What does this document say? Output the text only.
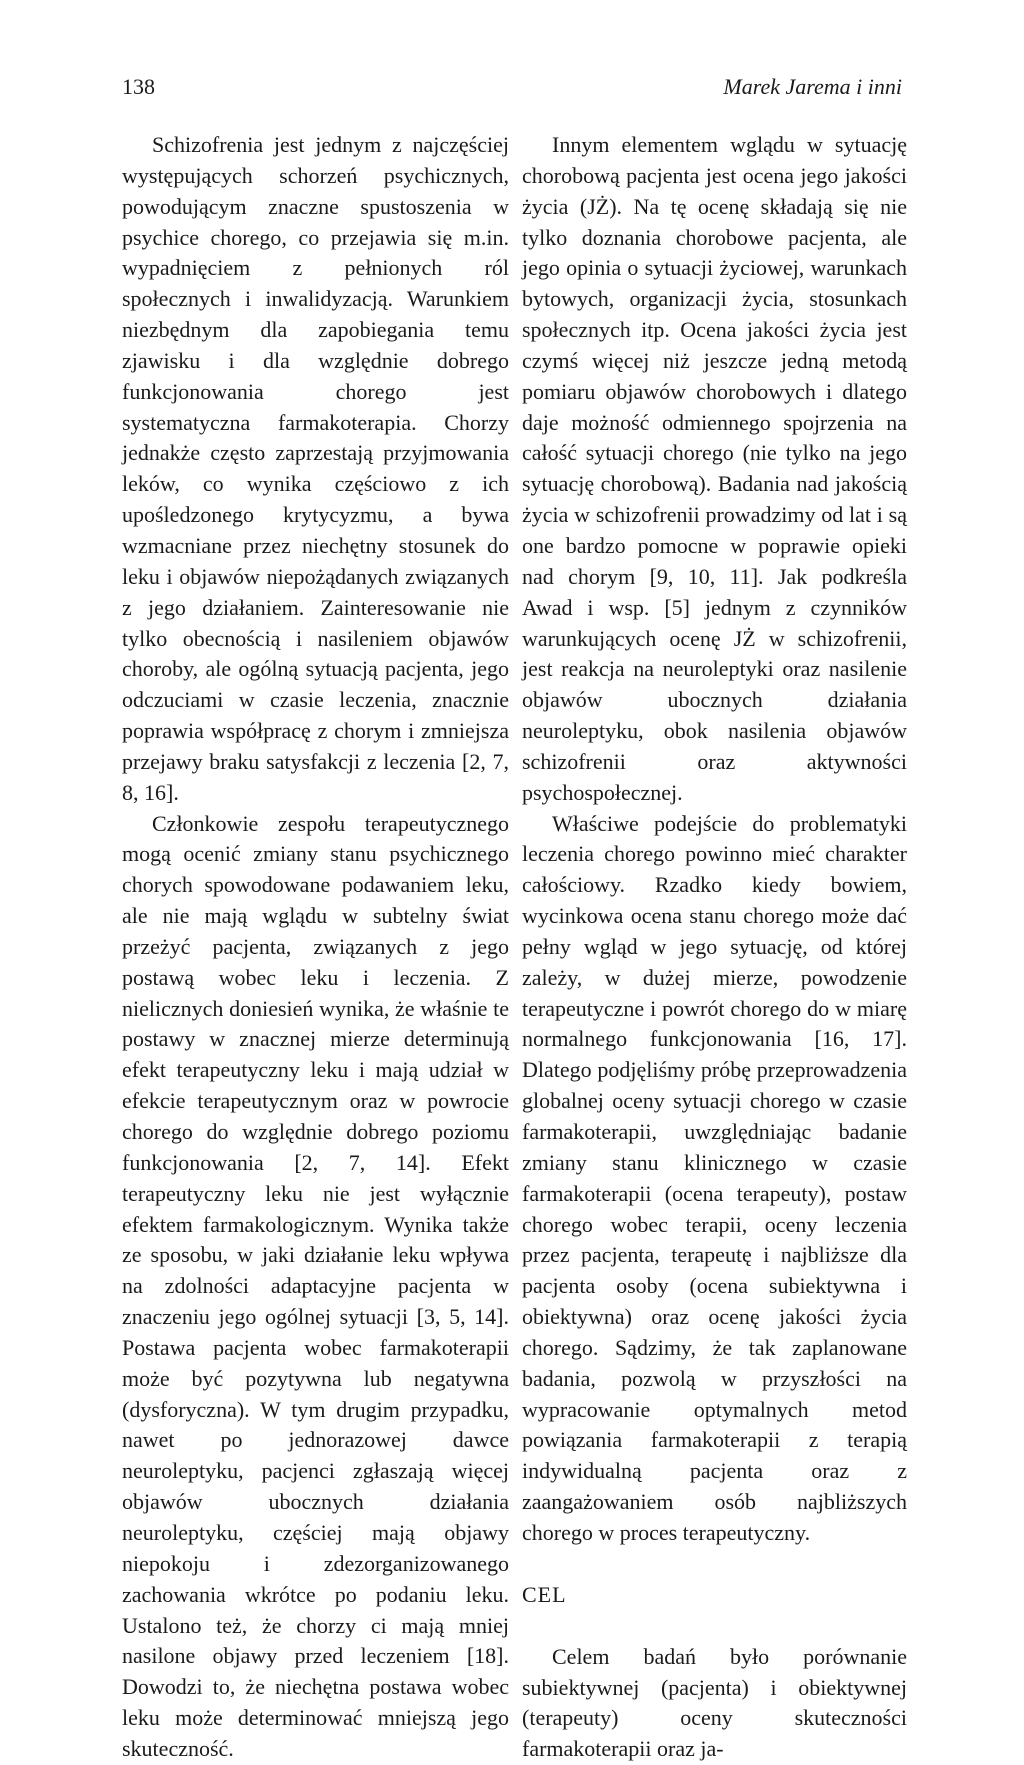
138	Marek Jarema i inni

Schizofrenia jest jednym z najczęściej występujących schorzeń psychicznych, powodującym znaczne spustoszenia w psychice chorego, co przejawia się m.in. wypadnięciem z pełnionych ról społecznych i inwalidyzacją. Warunkiem niezbędnym dla zapobiegania temu zjawisku i dla względnie dobrego funkcjonowania chorego jest systematyczna farmakoterapia. Chorzy jednakże często zaprzestają przyjmowania leków, co wynika częściowo z ich upośledzonego krytycyzmu, a bywa wzmacniane przez niechętny stosunek do leku i objawów niepożądanych związanych z jego działaniem. Zainteresowanie nie tylko obecnością i nasileniem objawów choroby, ale ogólną sytuacją pacjenta, jego odczuciami w czasie leczenia, znacznie poprawia współpracę z chorym i zmniejsza przejawy braku satysfakcji z leczenia [2, 7, 8, 16].

Członkowie zespołu terapeutycznego mogą ocenić zmiany stanu psychicznego chorych spowodowane podawaniem leku, ale nie mają wglądu w subtelny świat przeżyć pacjenta, związanych z jego postawą wobec leku i leczenia. Z nielicznych doniesień wynika, że właśnie te postawy w znacznej mierze determinują efekt terapeutyczny leku i mają udział w efekcie terapeutycznym oraz w powrocie chorego do względnie dobrego poziomu funkcjonowania [2, 7, 14]. Efekt terapeutyczny leku nie jest wyłącznie efektem farmakologicznym. Wynika także ze sposobu, w jaki działanie leku wpływa na zdolności adaptacyjne pacjenta w znaczeniu jego ogólnej sytuacji [3, 5, 14]. Postawa pacjenta wobec farmakoterapii może być pozytywna lub negatywna (dysforyczna). W tym drugim przypadku, nawet po jednorazowej dawce neuroleptyku, pacjenci zgłaszają więcej objawów ubocznych działania neuroleptyku, częściej mają objawy niepokoju i zdezorganizowanego zachowania wkrótce po podaniu leku. Ustalono też, że chorzy ci mają mniej nasilone objawy przed leczeniem [18]. Dowodzi to, że niechętna postawa wobec leku może determinować mniejszą jego skuteczność.

Innym elementem wglądu w sytuację chorobową pacjenta jest ocena jego jakości życia (JŻ). Na tę ocenę składają się nie tylko doznania chorobowe pacjenta, ale jego opinia o sytuacji życiowej, warunkach bytowych, organizacji życia, stosunkach społecznych itp. Ocena jakości życia jest czymś więcej niż jeszcze jedną metodą pomiaru objawów chorobowych i dlatego daje możność odmiennego spojrzenia na całość sytuacji chorego (nie tylko na jego sytuację chorobową). Badania nad jakością życia w schizofrenii prowadzimy od lat i są one bardzo pomocne w poprawie opieki nad chorym [9, 10, 11]. Jak podkreśla Awad i wsp. [5] jednym z czynników warunkujących ocenę JŻ w schizofrenii, jest reakcja na neuroleptyki oraz nasilenie objawów ubocznych działania neuroleptyku, obok nasilenia objawów schizofrenii oraz aktywności psychospołecznej.

Właściwe podejście do problematyki leczenia chorego powinno mieć charakter całościowy. Rzadko kiedy bowiem, wycinkowa ocena stanu chorego może dać pełny wgląd w jego sytuację, od której zależy, w dużej mierze, powodzenie terapeutyczne i powrót chorego do w miarę normalnego funkcjonowania [16, 17]. Dlatego podjęliśmy próbę przeprowadzenia globalnej oceny sytuacji chorego w czasie farmakoterapii, uwzględniając badanie zmiany stanu klinicznego w czasie farmakoterapii (ocena terapeuty), postaw chorego wobec terapii, oceny leczenia przez pacjenta, terapeutę i najbliższe dla pacjenta osoby (ocena subiektywna i obiektywna) oraz ocenę jakości życia chorego. Sądzimy, że tak zaplanowane badania, pozwolą w przyszłości na wypracowanie optymalnych metod powiązania farmakoterapii z terapią indywidualną pacjenta oraz z zaangażowaniem osób najbliższych chorego w proces terapeutyczny.

CEL

Celem badań było porównanie subiektywnej (pacjenta) i obiektywnej (terapeuty) oceny skuteczności farmakoterapii oraz ja-
